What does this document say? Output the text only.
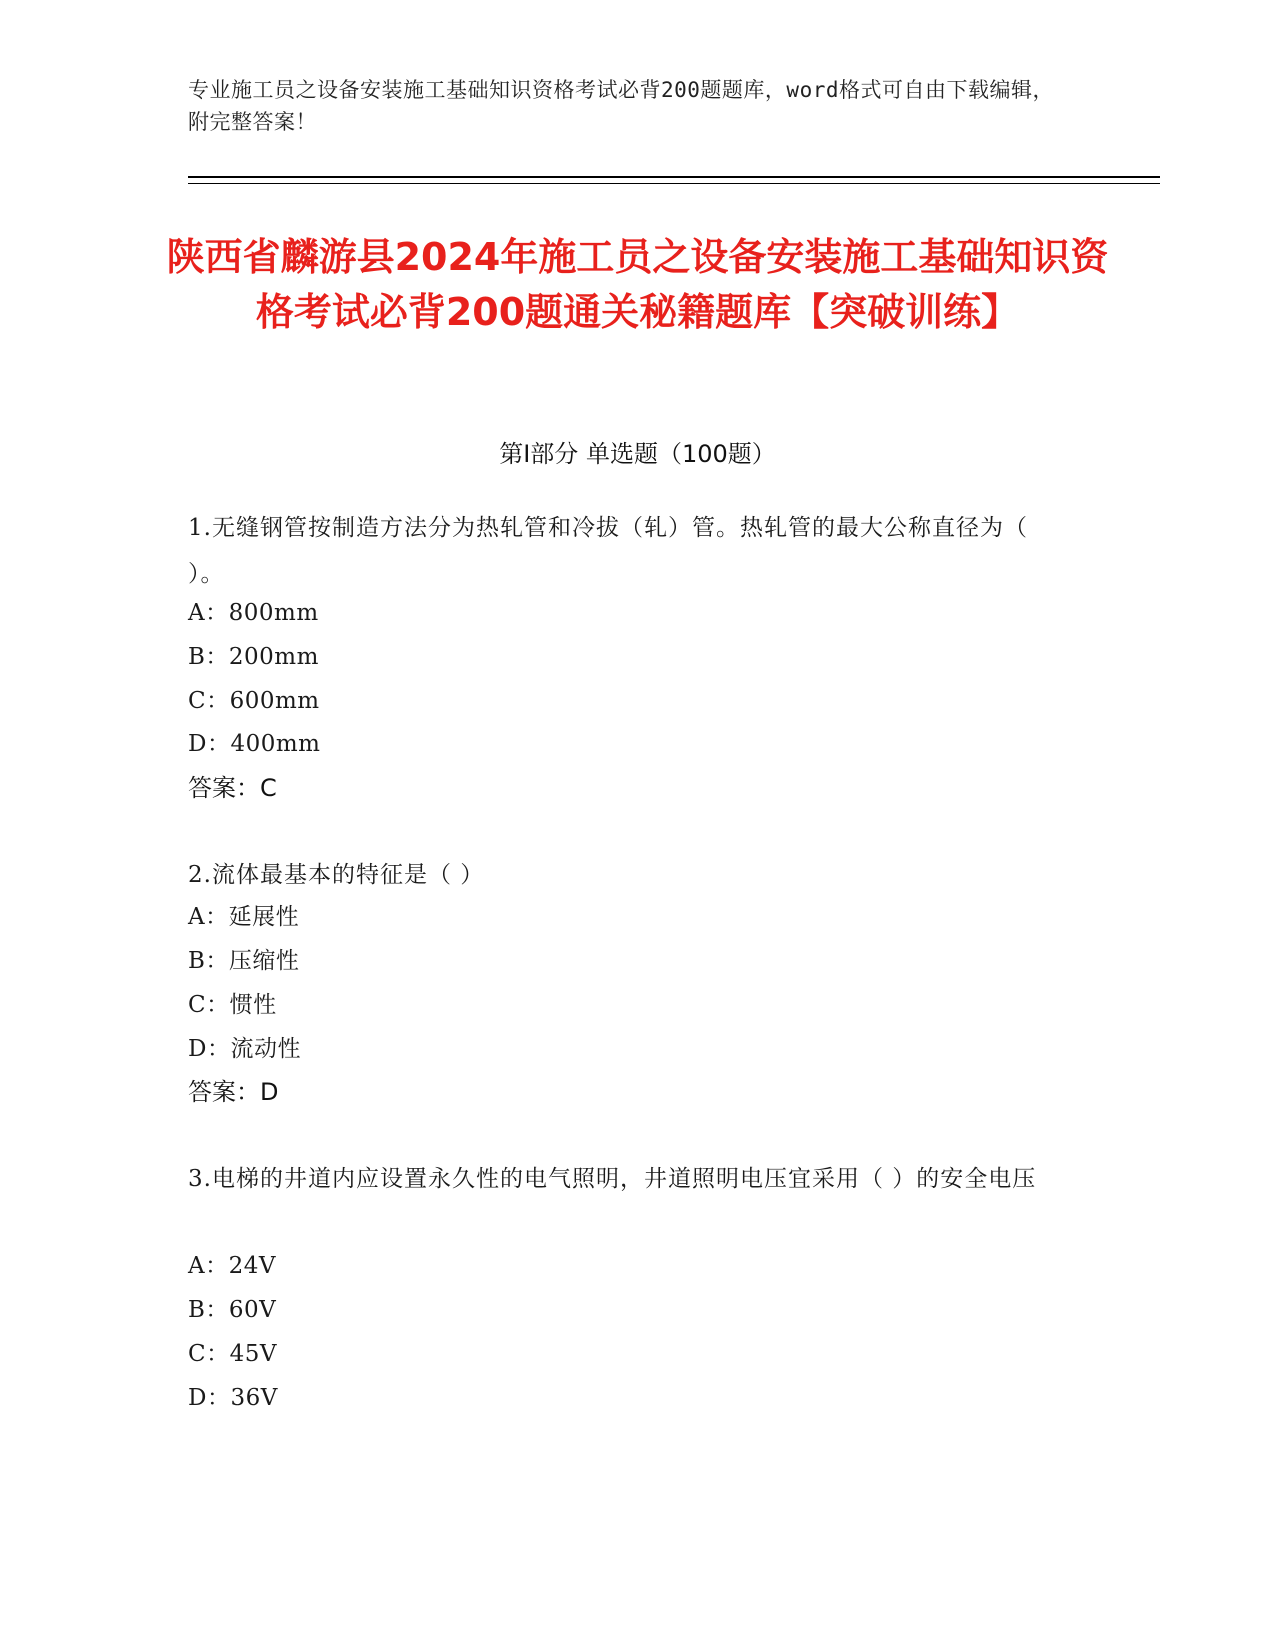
专业施工员之设备安装施工基础知识资格考试必背200题题库，word格式可自由下载编辑，附完整答案！
陕西省麟游县2024年施工员之设备安装施工基础知识资格考试必背200题通关秘籍题库【突破训练】
第I部分 单选题（100题）
1.无缝钢管按制造方法分为热轧管和冷拔（轧）管。热轧管的最大公称直径为（ ）。
A：800mm
B：200mm
C：600mm
D：400mm
答案：C
2.流体最基本的特征是（ ）
A：延展性
B：压缩性
C：惯性
D：流动性
答案：D
3.电梯的井道内应设置永久性的电气照明，井道照明电压宜采用（ ）的安全电压
A：24V
B：60V
C：45V
D：36V
